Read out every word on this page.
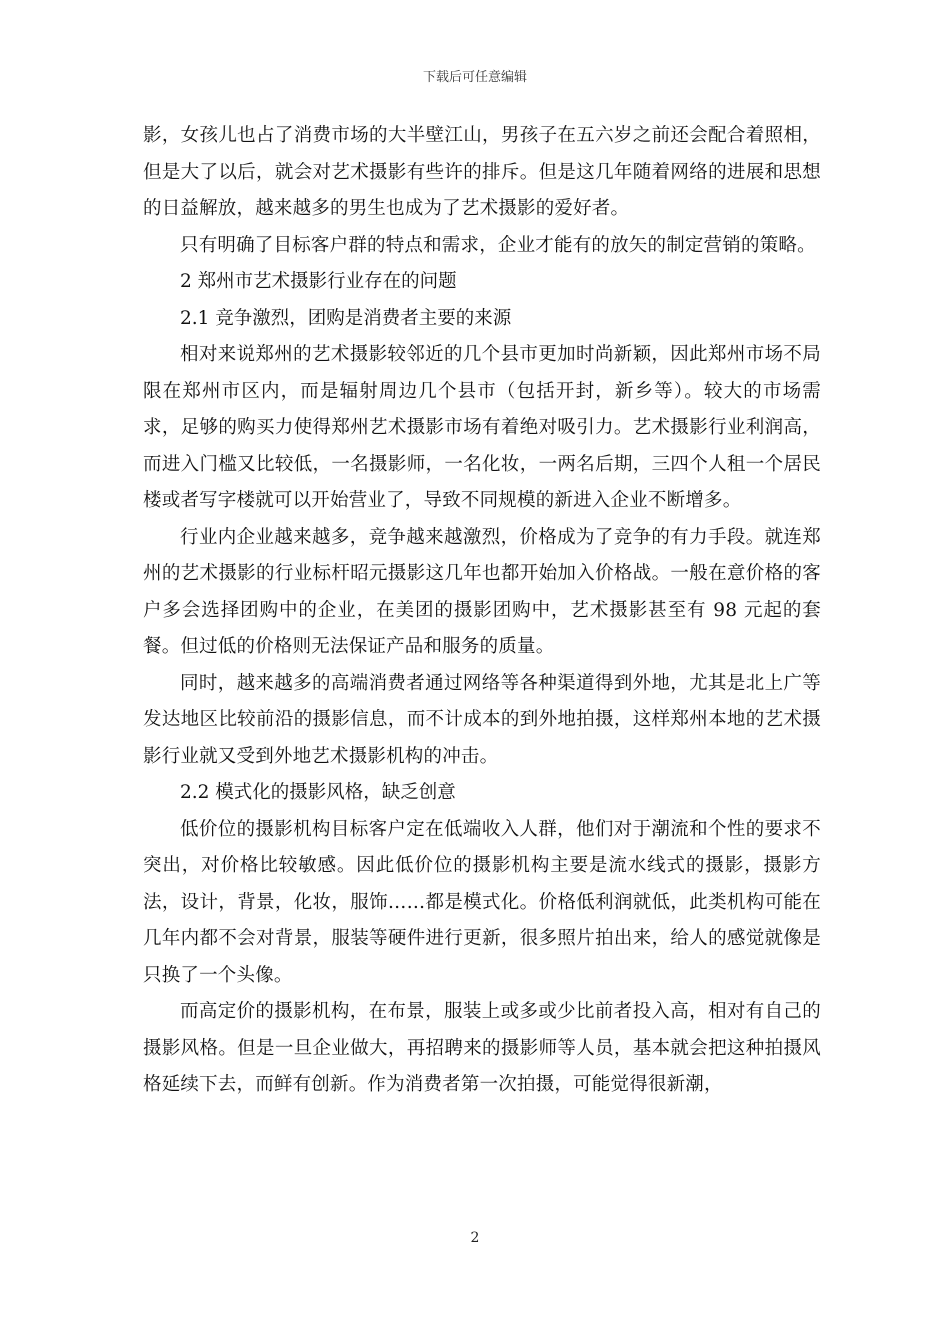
下载后可任意编辑

影，女孩儿也占了消费市场的大半壁江山，男孩子在五六岁之前还会配合着照相，但是大了以后，就会对艺术摄影有些许的排斥。但是这几年随着网络的进展和思想的日益解放，越来越多的男生也成为了艺术摄影的爱好者。

只有明确了目标客户群的特点和需求，企业才能有的放矢的制定营销的策略。

2 郑州市艺术摄影行业存在的问题

2.1 竞争激烈，团购是消费者主要的来源

相对来说郑州的艺术摄影较邻近的几个县市更加时尚新颖，因此郑州市场不局限在郑州市区内，而是辐射周边几个县市（包括开封，新乡等）。较大的市场需求，足够的购买力使得郑州艺术摄影市场有着绝对吸引力。艺术摄影行业利润高，而进入门槛又比较低，一名摄影师，一名化妆，一两名后期，三四个人租一个居民楼或者写字楼就可以开始营业了，导致不同规模的新进入企业不断增多。

行业内企业越来越多，竞争越来越激烈，价格成为了竞争的有力手段。就连郑州的艺术摄影的行业标杆昭元摄影这几年也都开始加入价格战。一般在意价格的客户多会选择团购中的企业，在美团的摄影团购中，艺术摄影甚至有 98 元起的套餐。但过低的价格则无法保证产品和服务的质量。

同时，越来越多的高端消费者通过网络等各种渠道得到外地，尤其是北上广等发达地区比较前沿的摄影信息，而不计成本的到外地拍摄，这样郑州本地的艺术摄影行业就又受到外地艺术摄影机构的冲击。

2.2 模式化的摄影风格，缺乏创意

低价位的摄影机构目标客户定在低端收入人群，他们对于潮流和个性的要求不突出，对价格比较敏感。因此低价位的摄影机构主要是流水线式的摄影，摄影方法，设计，背景，化妆，服饰……都是模式化。价格低利润就低，此类机构可能在几年内都不会对背景，服装等硬件进行更新，很多照片拍出来，给人的感觉就像是只换了一个头像。

而高定价的摄影机构，在布景，服装上或多或少比前者投入高，相对有自己的摄影风格。但是一旦企业做大，再招聘来的摄影师等人员，基本就会把这种拍摄风格延续下去，而鲜有创新。作为消费者第一次拍摄，可能觉得很新潮，

2
